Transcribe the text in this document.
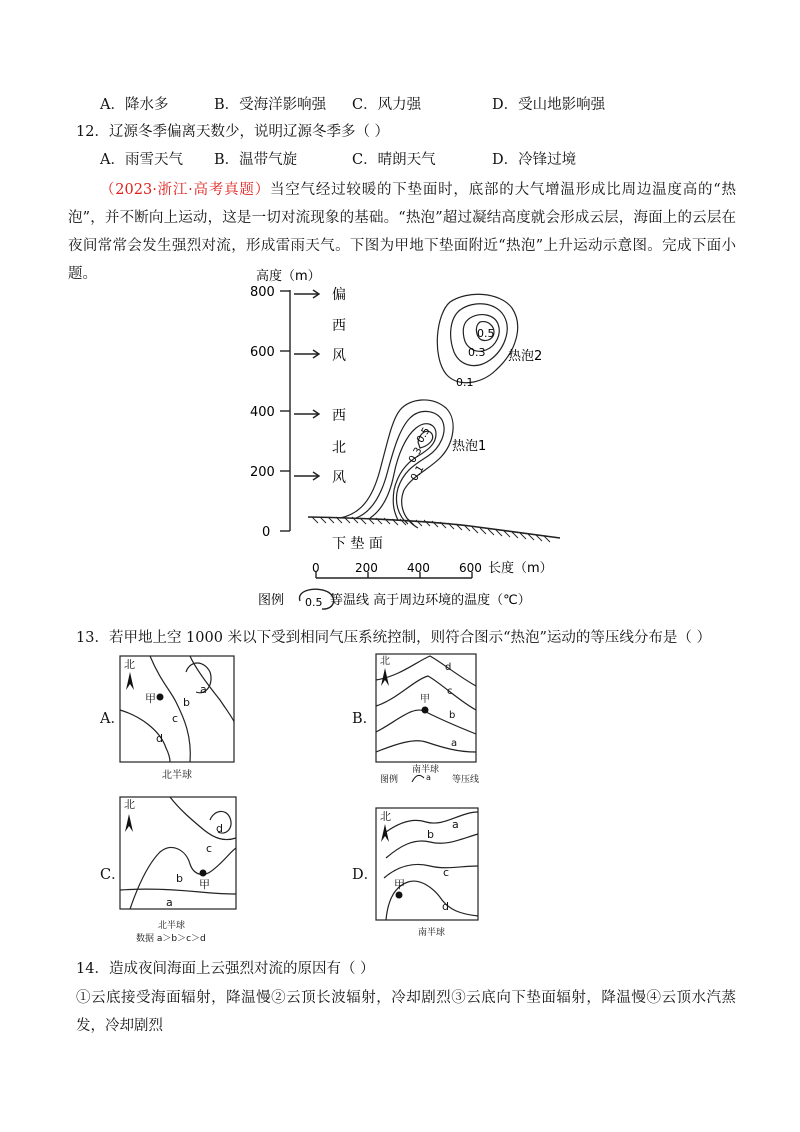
A．降水多	B．受海洋影响强 C．风力强	D．受山地影响强
12．辽源冬季偏离天数少，说明辽源冬季多（ ）
A．雨雪天气 B．温带气旋	C．晴朗天气	D．冷锋过境
（2023·浙江·高考真题）当空气经过较暖的下垫面时，底部的大气增温形成比周边温度高的“热泡”，并不断向上运动，这是一切对流现象的基础。“热泡”超过凝结高度就会形成云层，海面上的云层在夜间常常会发生强烈对流，形成雷雨天气。下图为甲地下垫面附近“热泡”上升运动示意图。完成下面小题。	高度（m）
800
600
400
200
0
偏
西
风
西
北
风
0.5
0.3
0.1
热泡2
0.5
0.3
0.1
热泡1
下 垫 面
0	200 400 600 长度（m）
图例 0.5 等温线 高于周边环境的温度（℃）
13．若甲地上空 1000 米以下受到相同气压系统控制，则符合图示“热泡”运动的等压线分布是（ ）
A．	B．
C．	D．
北
甲
a
b
c
d
北半球
北
甲
d
c
b
a
南半球
图例	a 等压线
北
甲
d
c
b
a
北半球
数据 a＞b＞c＞d
北
甲
a
b
c
d
南半球
14．造成夜间海面上云强烈对流的原因有（ ）
①云底接受海面辐射，降温慢②云顶长波辐射，冷却剧烈③云底向下垫面辐射，降温慢④云顶水汽蒸发，冷却剧烈
